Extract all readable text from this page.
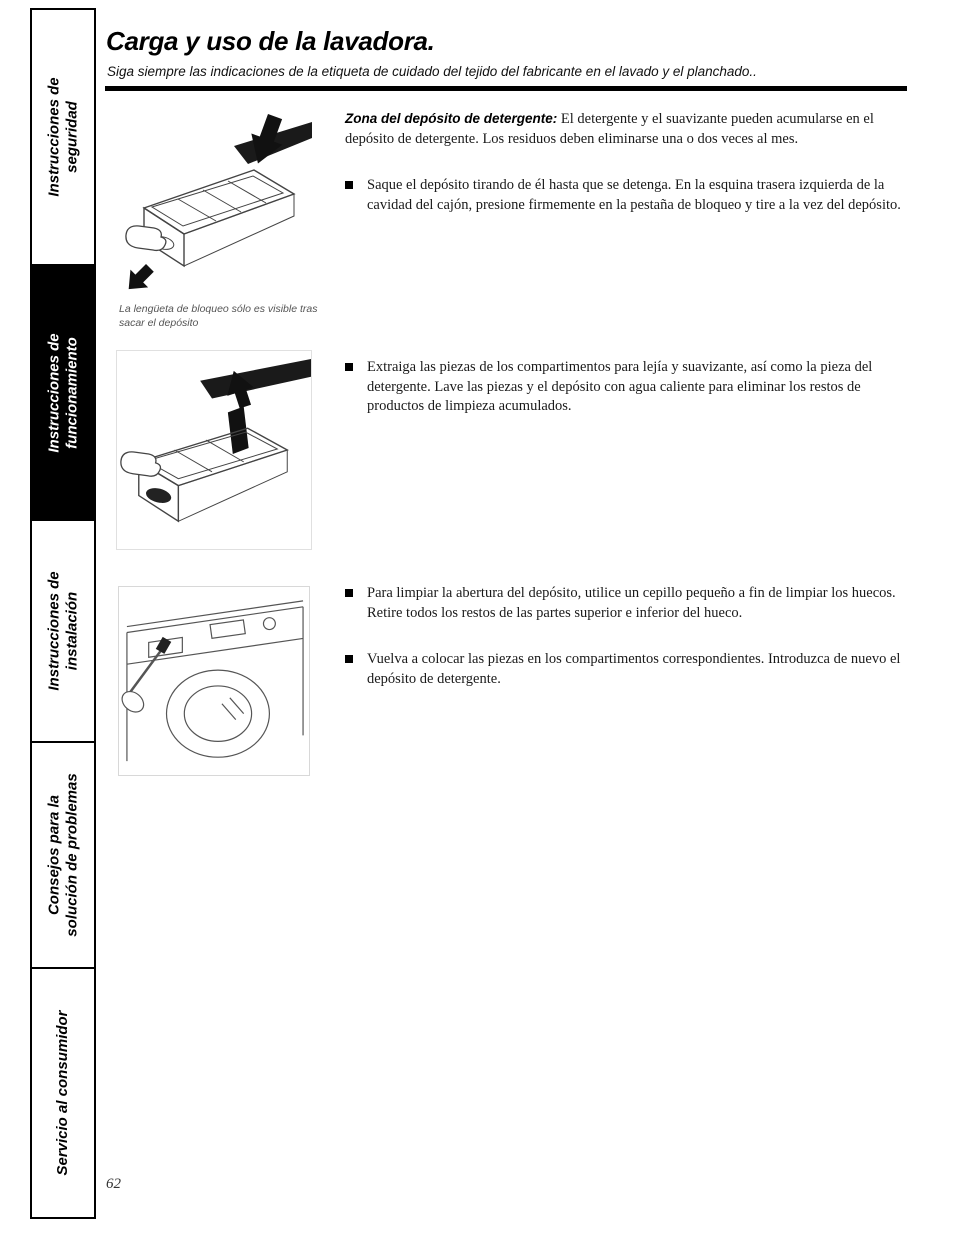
Instrucciones de seguridad
Instrucciones de funcionamiento
Instrucciones de instalación
Consejos para la solución de problemas
Servicio al consumidor
Carga y uso de la lavadora.

Siga siempre las indicaciones de la etiqueta de cuidado del tejido del fabricante en el lavado y el planchado..

La lengüeta de bloqueo sólo es visible tras sacar el depósito

Zona del depósito de detergente: El detergente y el suavizante pueden acumularse en el depósito de detergente. Los residuos deben eliminarse una o dos veces al mes.

Saque el depósito tirando de él hasta que se detenga. En la esquina trasera izquierda de la cavidad del cajón, presione firmemente en la pestaña de bloqueo y tire a la vez del depósito.

Extraiga las piezas de los compartimentos para lejía y suavizante, así como la pieza del detergente. Lave las piezas y el depósito con agua caliente para eliminar los restos de productos de limpieza acumulados.

Para limpiar la abertura del depósito, utilice un cepillo pequeño a fin de limpiar los huecos. Retire todos los restos de las partes superior e inferior del hueco.

Vuelva a colocar las piezas en los compartimentos correspondientes. Introduzca de nuevo el depósito de detergente.

62
